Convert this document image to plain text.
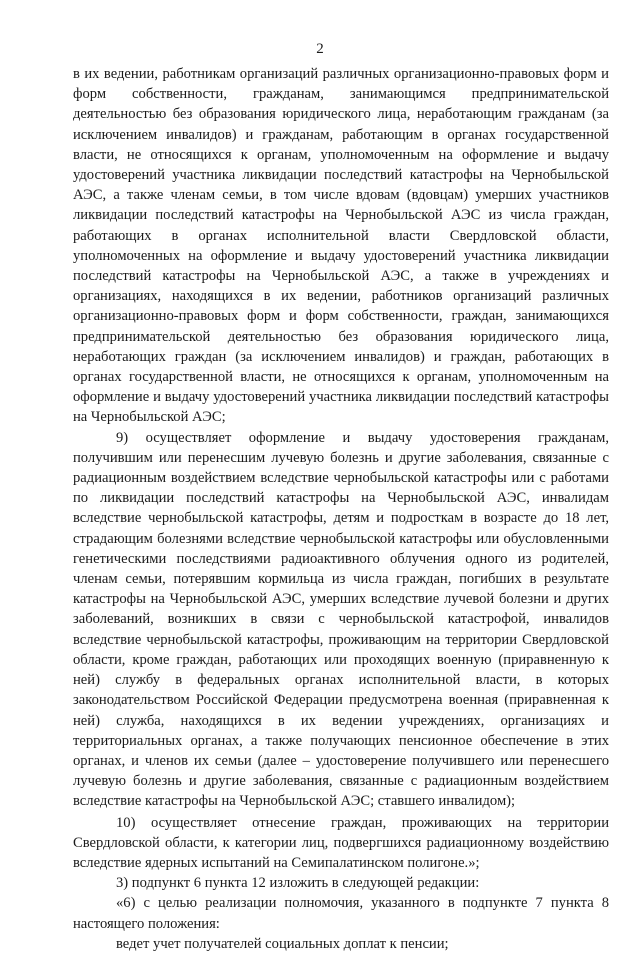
2

в их ведении, работникам организаций различных организационно-правовых форм и форм собственности, гражданам, занимающимся предпринимательской деятельностью без образования юридического лица, неработающим гражданам (за исключением инвалидов) и гражданам, работающим в органах государственной власти, не относящихся к органам, уполномоченным на оформление и выдачу удостоверений участника ликвидации последствий катастрофы на Чернобыльской АЭС, а также членам семьи, в том числе вдовам (вдовцам) умерших участников ликвидации последствий катастрофы на Чернобыльской АЭС из числа граждан, работающих в органах исполнительной власти Свердловской области, уполномоченных на оформление и выдачу удостоверений участника ликвидации последствий катастрофы на Чернобыльской АЭС, а также в учреждениях и организациях, находящихся в их ведении, работников организаций различных организационно-правовых форм и форм собственности, граждан, занимающихся предпринимательской деятельностью без образования юридического лица, неработающих граждан (за исключением инвалидов) и граждан, работающих в органах государственной власти, не относящихся к органам, уполномоченным на оформление и выдачу удостоверений участника ликвидации последствий катастрофы на Чернобыльской АЭС;

9) осуществляет оформление и выдачу удостоверения гражданам, получившим или перенесшим лучевую болезнь и другие заболевания, связанные с радиационным воздействием вследствие чернобыльской катастрофы или с работами по ликвидации последствий катастрофы на Чернобыльской АЭС, инвалидам вследствие чернобыльской катастрофы, детям и подросткам в возрасте до 18 лет, страдающим болезнями вследствие чернобыльской катастрофы или обусловленными генетическими последствиями радиоактивного облучения одного из родителей, членам семьи, потерявшим кормильца из числа граждан, погибших в результате катастрофы на Чернобыльской АЭС, умерших вследствие лучевой болезни и других заболеваний, возникших в связи с чернобыльской катастрофой, инвалидов вследствие чернобыльской катастрофы, проживающим на территории Свердловской области, кроме граждан, работающих или проходящих военную (приравненную к ней) службу в федеральных органах исполнительной власти, в которых законодательством Российской Федерации предусмотрена военная (приравненная к ней) служба, находящихся в их ведении учреждениях, организациях и территориальных органах, а также получающих пенсионное обеспечение в этих органах, и членов их семьи (далее – удостоверение получившего или перенесшего лучевую болезнь и другие заболевания, связанные с радиационным воздействием вследствие катастрофы на Чернобыльской АЭС; ставшего инвалидом);

10) осуществляет отнесение граждан, проживающих на территории Свердловской области, к категории лиц, подвергшихся радиационному воздействию вследствие ядерных испытаний на Семипалатинском полигоне.»;

3) подпункт 6 пункта 12 изложить в следующей редакции:

«6) с целью реализации полномочия, указанного в подпункте 7 пункта 8 настоящего положения:

ведет учет получателей социальных доплат к пенсии;
